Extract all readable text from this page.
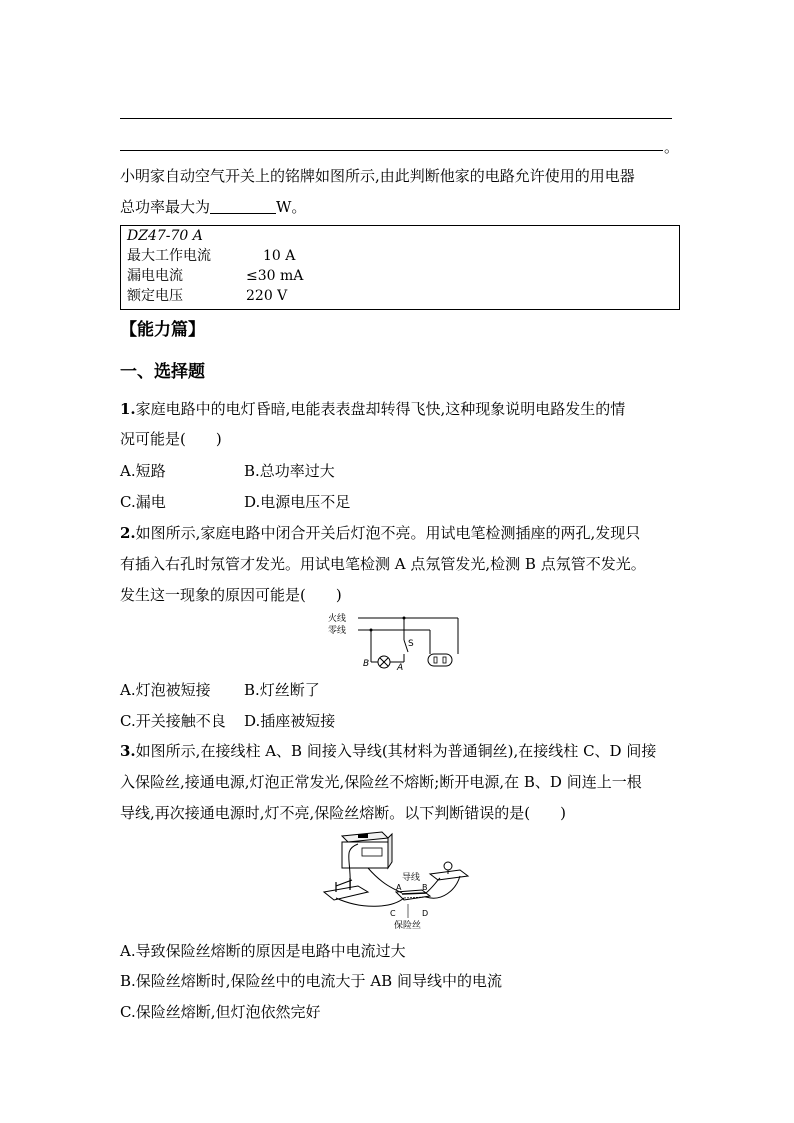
。
小明家自动空气开关上的铭牌如图所示,由此判断他家的电路允许使用的用电器
总功率最大为	W。
DZ47-70 A
最大工作电流	10 A
漏电电流	≤30 mA
额定电压	220 V
【能力篇】
一、选择题
1.家庭电路中的电灯昏暗,电能表表盘却转得飞快,这种现象说明电路发生的情
况可能是(　　)
A.短路	B.总功率过大
C.漏电	D.电源电压不足
2.如图所示,家庭电路中闭合开关后灯泡不亮。用试电笔检测插座的两孔,发现只
有插入右孔时氖管才发光。用试电笔检测 A 点氖管发光,检测 B 点氖管不发光。
发生这一现象的原因可能是(　　)
火线
零线
S
B	A
A.灯泡被短接 B.灯丝断了
C.开关接触不良 D.插座被短接
3.如图所示,在接线柱 A、B 间接入导线(其材料为普通铜丝),在接线柱 C、D 间接
入保险丝,接通电源,灯泡正常发光,保险丝不熔断;断开电源,在 B、D 间连上一根
导线,再次接通电源时,灯不亮,保险丝熔断。以下判断错误的是(　　)
导线
A	B
C	D
保险丝
A.导致保险丝熔断的原因是电路中电流过大
B.保险丝熔断时,保险丝中的电流大于 AB 间导线中的电流
C.保险丝熔断,但灯泡依然完好
